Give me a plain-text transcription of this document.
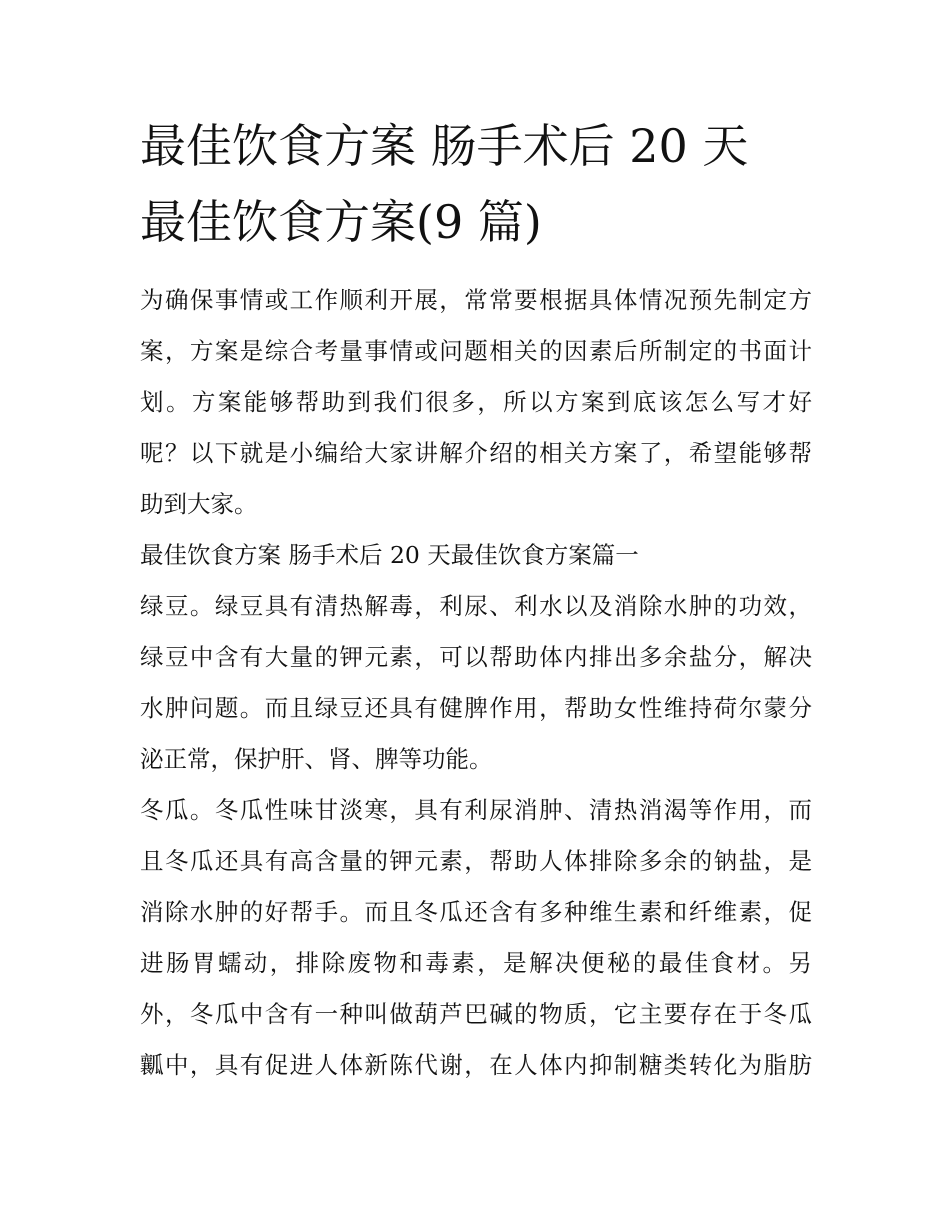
最佳饮食方案 肠手术后 20 天
最佳饮食方案(9 篇)
为确保事情或工作顺利开展，常常要根据具体情况预先制定方
案，方案是综合考量事情或问题相关的因素后所制定的书面计
划。方案能够帮助到我们很多，所以方案到底该怎么写才好
呢？以下就是小编给大家讲解介绍的相关方案了，希望能够帮
助到大家。
最佳饮食方案 肠手术后 20 天最佳饮食方案篇一
绿豆。绿豆具有清热解毒，利尿、利水以及消除水肿的功效，
绿豆中含有大量的钾元素，可以帮助体内排出多余盐分，解决
水肿问题。而且绿豆还具有健脾作用，帮助女性维持荷尔蒙分
泌正常，保护肝、肾、脾等功能。
冬瓜。冬瓜性味甘淡寒，具有利尿消肿、清热消渴等作用，而
且冬瓜还具有高含量的钾元素，帮助人体排除多余的钠盐，是
消除水肿的好帮手。而且冬瓜还含有多种维生素和纤维素，促
进肠胃蠕动，排除废物和毒素，是解决便秘的最佳食材。另
外，冬瓜中含有一种叫做葫芦巴碱的物质，它主要存在于冬瓜
瓤中，具有促进人体新陈代谢，在人体内抑制糖类转化为脂肪
